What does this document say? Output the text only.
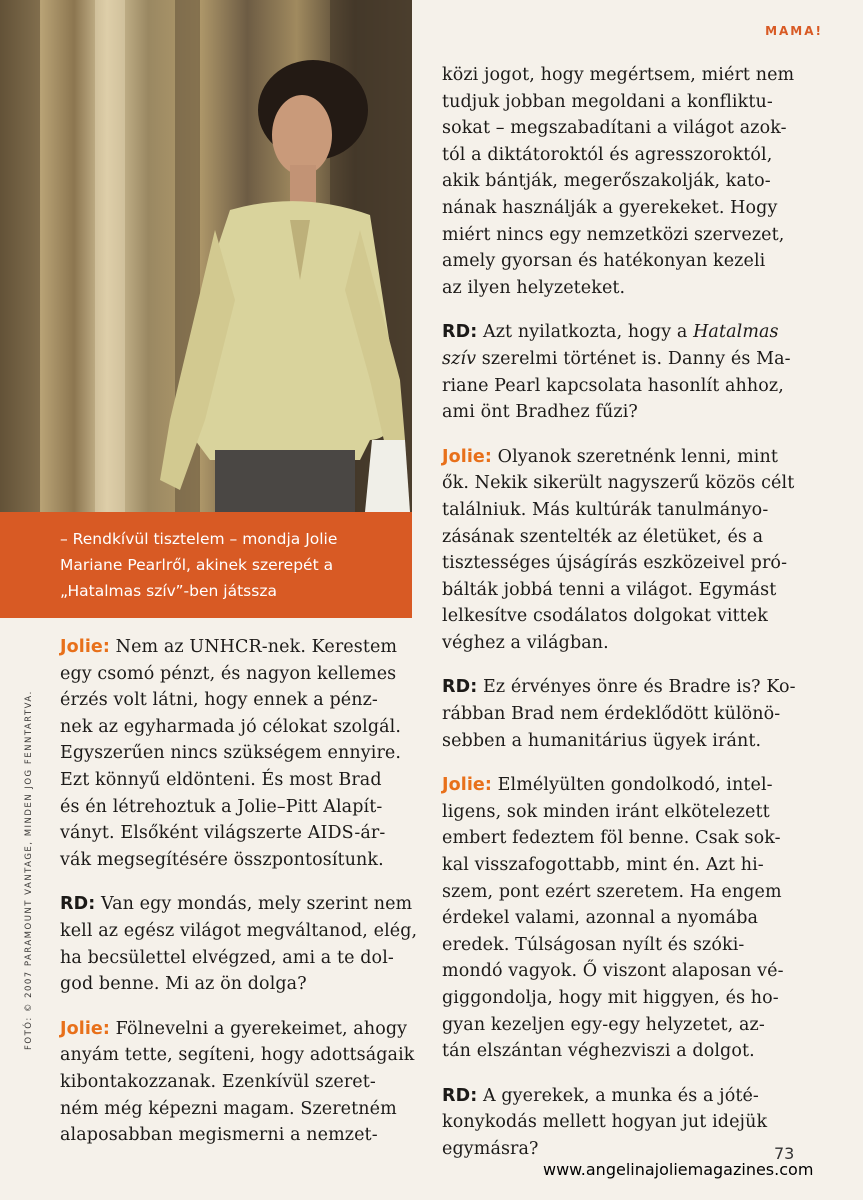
– Rendkívül tisztelem – mondja Jolie
Mariane Pearlről, akinek szerepét a
„Hatalmas szív”-ben játssza
FOTÓ: © 2007 PARAMOUNT VANTAGE, MINDEN JOG FENNTARTVA.
MAMA!
Jolie: Nem az UNHCR-nek. Kerestem
egy csomó pénzt, és nagyon kellemes
érzés volt látni, hogy ennek a pénz-
nek az egyharmada jó célokat szolgál.
Egyszerűen nincs szükségem ennyire.
Ezt könnyű eldönteni. És most Brad
és én létrehoztuk a Jolie–Pitt Alapít-
ványt. Elsőként világszerte AIDS-ár-
vák megsegítésére összpontosítunk.
RD: Van egy mondás, mely szerint nem
kell az egész világot megváltanod, elég,
ha becsülettel elvégzed, ami a te dol-
god benne. Mi az ön dolga?
Jolie: Fölnevelni a gyerekeimet, ahogy
anyám tette, segíteni, hogy adottságaik
kibontakozzanak. Ezenkívül szeret-
ném még képezni magam. Szeretném
alaposabban megismerni a nemzet-
közi jogot, hogy megértsem, miért nem
tudjuk jobban megoldani a konfliktu-
sokat – megszabadítani a világot azok-
tól a diktátoroktól és agresszoroktól,
akik bántják, megerőszakolják, kato-
nának használják a gyerekeket. Hogy
miért nincs egy nemzetközi szervezet,
amely gyorsan és hatékonyan kezeli
az ilyen helyzeteket.
RD: Azt nyilatkozta, hogy a Hatalmas
szív szerelmi történet is. Danny és Ma-
riane Pearl kapcsolata hasonlít ahhoz,
ami önt Bradhez fűzi?
Jolie: Olyanok szeretnénk lenni, mint
ők. Nekik sikerült nagyszerű közös célt
találniuk. Más kultúrák tanulmányo-
zásának szentelték az életüket, és a
tisztességes újságírás eszközeivel pró-
bálták jobbá tenni a világot. Egymást
lelkesítve csodálatos dolgokat vittek
véghez a világban.
RD: Ez érvényes önre és Bradre is? Ko-
rábban Brad nem érdeklődött különö-
sebben a humanitárius ügyek iránt.
Jolie: Elmélyülten gondolkodó, intel-
ligens, sok minden iránt elkötelezett
embert fedeztem föl benne. Csak sok-
kal visszafogottabb, mint én. Azt hi-
szem, pont ezért szeretem. Ha engem
érdekel valami, azonnal a nyomába
eredek. Túlságosan nyílt és szóki-
mondó vagyok. Ő viszont alaposan vé-
giggondolja, hogy mit higgyen, és ho-
gyan kezeljen egy-egy helyzetet, az-
tán elszántan véghezviszi a dolgot.
RD: A gyerekek, a munka és a jóté-
konykodás mellett hogyan jut idejük
egymásra?	73
www.angelinajoliemagazines.com
